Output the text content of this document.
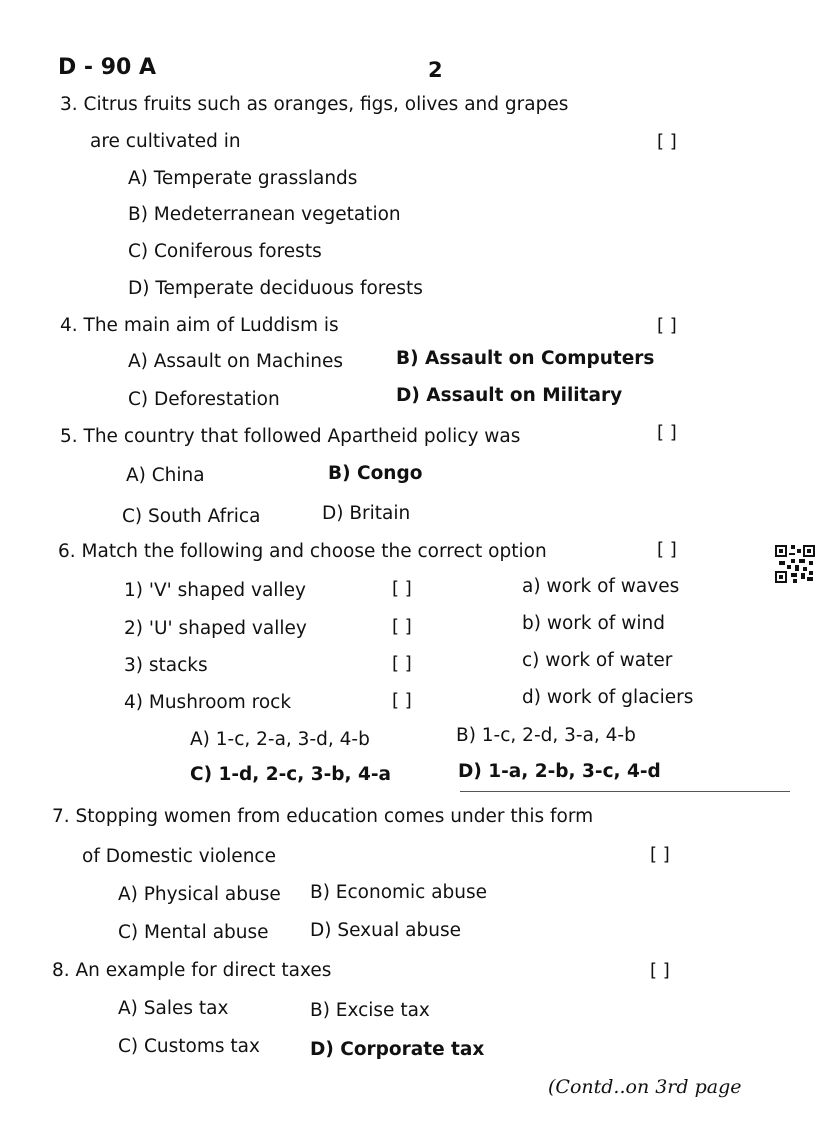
D - 90 A	2
3. Citrus fruits such as oranges, figs, olives and grapes
are cultivated in	[ ]
A) Temperate grasslands
B) Medeterranean vegetation
C) Coniferous forests
D) Temperate deciduous forests
4. The main aim of Luddism is	[ ]
A) Assault on Machines	B) Assault on Computers
C) Deforestation	D) Assault on Military
5. The country that followed Apartheid policy was	[ ]
A) China	B) Congo
C) South Africa	D) Britain
6. Match the following and choose the correct option	[ ]
1) 'V' shaped valley	[ ]	a) work of waves
2) 'U' shaped valley	[ ]	b) work of wind
3) stacks	[ ]	c) work of water
4) Mushroom rock	[ ]	d) work of glaciers
A) 1-c, 2-a, 3-d, 4-b	B) 1-c, 2-d, 3-a, 4-b
C) 1-d, 2-c, 3-b, 4-a	D) 1-a, 2-b, 3-c, 4-d
7. Stopping women from education comes under this form
of Domestic violence	[ ]
A) Physical abuse B) Economic abuse
C) Mental abuse D) Sexual abuse
8. An example for direct taxes	[ ]
A) Sales tax	B) Excise tax
C) Customs tax	D) Corporate tax
(Contd..on 3rd page
